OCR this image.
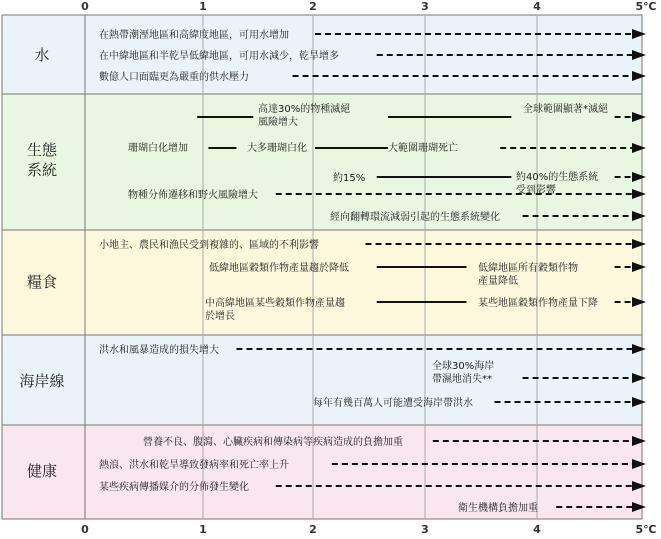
0	1	2	3	4	5℃
0	1	2	3	4	5℃
水
生態
系統
糧食
海岸線
健康
在熱帶潮溼地區和高緯度地區，可用水增加
在中緯地區和半乾旱低緯地區，可用水減少，乾旱增多
數億人口面臨更為嚴重的供水壓力
高達30%的物種滅絕
風險增大
全球範圍顯著*滅絕
珊瑚白化增加	大多珊瑚白化	大範圍珊瑚死亡
約15%	約40%的生態系統
受到影響
物種分佈遷移和野火風險增大
經向翻轉環流減弱引起的生態系統變化
小地主、農民和漁民受到複雜的、區域的不利影響
低緯地區穀類作物產量趨於降低	低緯地區所有穀類作物
產量降低
中高緯地區某些穀類作物產量趨
於增長
某些地區穀類作物產量下降
洪水和風暴造成的損失增大
全球30%海岸
帶濕地消失**
每年有幾百萬人可能遭受海岸帶洪水
營養不良、腹瀉、心臟疾病和傳染病等疾病造成的負擔加重
熱浪、洪水和乾旱導致發病率和死亡率上升
某些疾病傳播媒介的分佈發生變化
衛生機構負擔加重
